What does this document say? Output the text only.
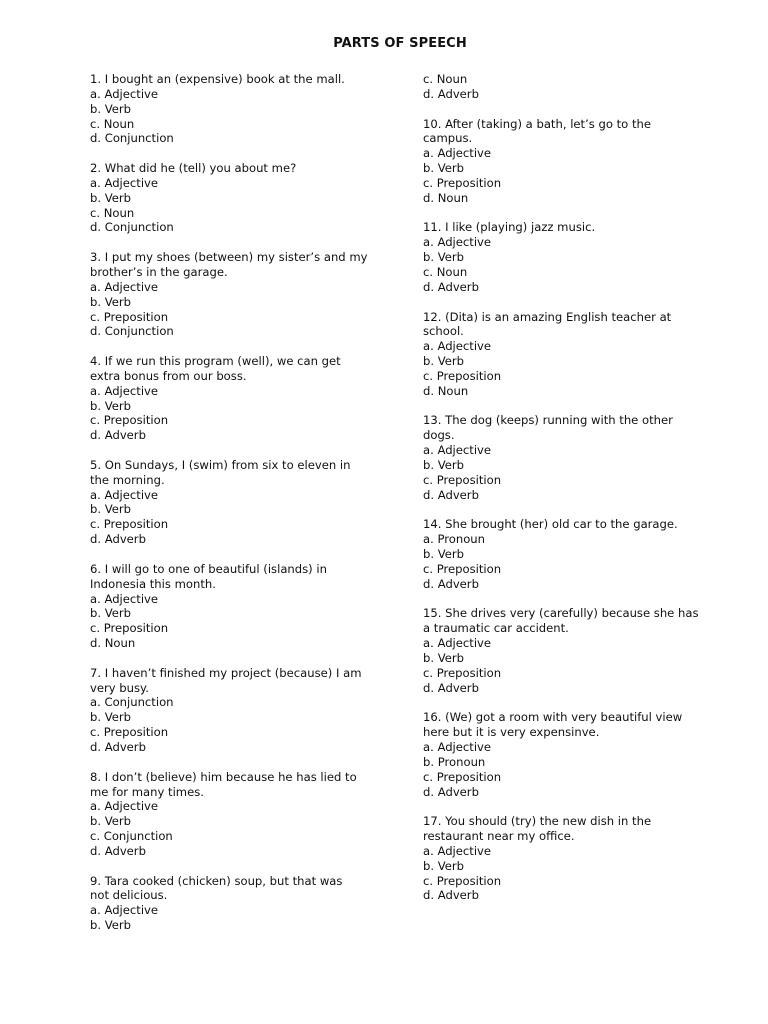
PARTS OF SPEECH
1. I bought an (expensive) book at the mall.
a. Adjective
b. Verb
c. Noun
d. Conjunction
2. What did he (tell) you about me?
a. Adjective
b. Verb
c. Noun
d. Conjunction
3. I put my shoes (between) my sister’s and my
brother’s in the garage.
a. Adjective
b. Verb
c. Preposition
d. Conjunction
4. If we run this program (well), we can get
extra bonus from our boss.
a. Adjective
b. Verb
c. Preposition
d. Adverb
5. On Sundays, I (swim) from six to eleven in
the morning.
a. Adjective
b. Verb
c. Preposition
d. Adverb
6. I will go to one of beautiful (islands) in
Indonesia this month.
a. Adjective
b. Verb
c. Preposition
d. Noun
7. I haven’t finished my project (because) I am
very busy.
a. Conjunction
b. Verb
c. Preposition
d. Adverb
8. I don’t (believe) him because he has lied to
me for many times.
a. Adjective
b. Verb
c. Conjunction
d. Adverb
9. Tara cooked (chicken) soup, but that was
not delicious.
a. Adjective
b. Verb
c. Noun
d. Adverb
10. After (taking) a bath, let’s go to the
campus.
a. Adjective
b. Verb
c. Preposition
d. Noun
11. I like (playing) jazz music.
a. Adjective
b. Verb
c. Noun
d. Adverb
12. (Dita) is an amazing English teacher at
school.
a. Adjective
b. Verb
c. Preposition
d. Noun
13. The dog (keeps) running with the other
dogs.
a. Adjective
b. Verb
c. Preposition
d. Adverb
14. She brought (her) old car to the garage.
a. Pronoun
b. Verb
c. Preposition
d. Adverb
15. She drives very (carefully) because she has
a traumatic car accident.
a. Adjective
b. Verb
c. Preposition
d. Adverb
16. (We) got a room with very beautiful view
here but it is very expensinve.
a. Adjective
b. Pronoun
c. Preposition
d. Adverb
17. You should (try) the new dish in the
restaurant near my office.
a. Adjective
b. Verb
c. Preposition
d. Adverb
